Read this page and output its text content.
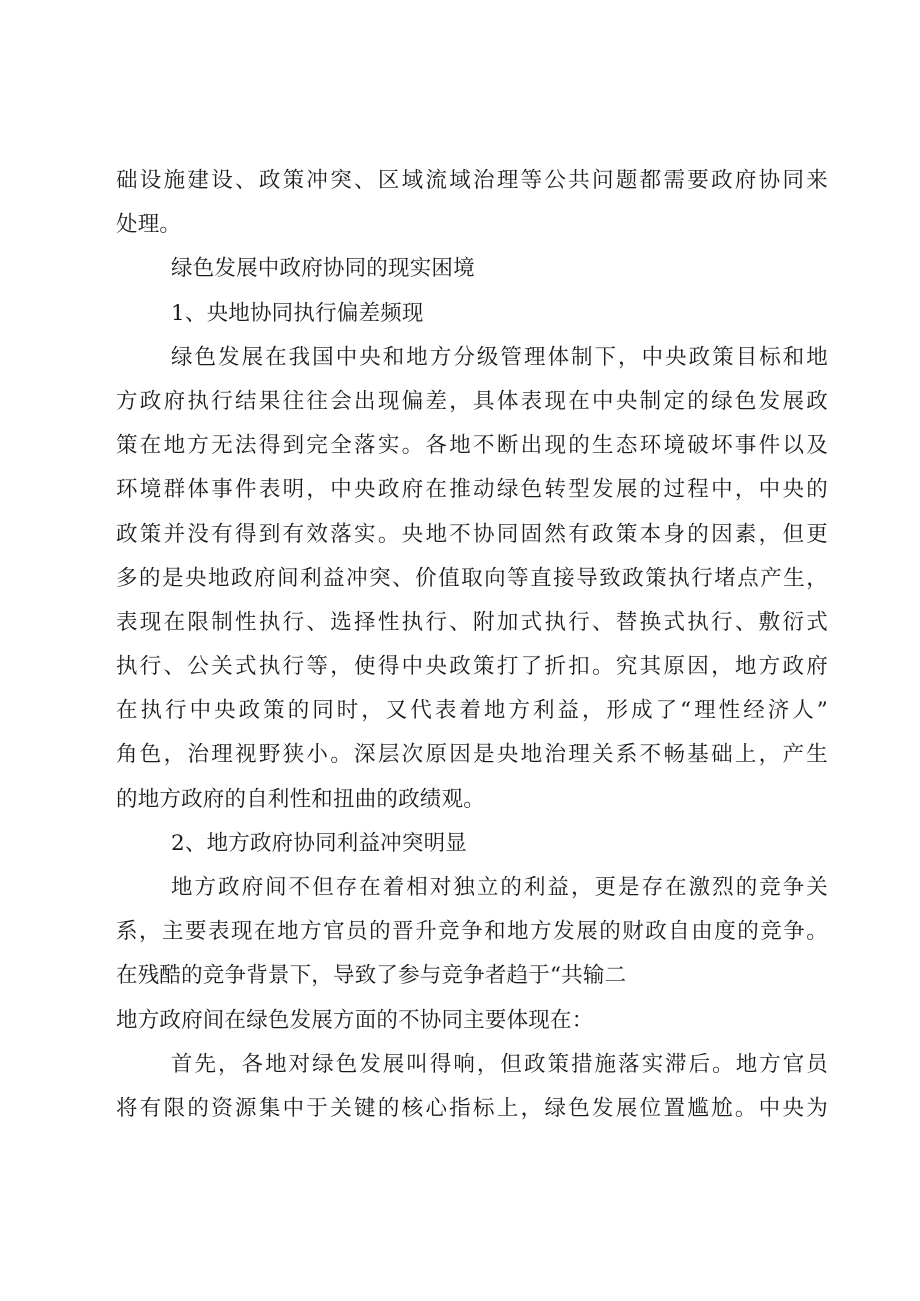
础设施建设、政策冲突、区域流域治理等公共问题都需要政府协同来
处理。
绿色发展中政府协同的现实困境
1、央地协同执行偏差频现
绿色发展在我国中央和地方分级管理体制下，中央政策目标和地
方政府执行结果往往会出现偏差，具体表现在中央制定的绿色发展政
策在地方无法得到完全落实。各地不断出现的生态环境破坏事件以及
环境群体事件表明，中央政府在推动绿色转型发展的过程中，中央的
政策并没有得到有效落实。央地不协同固然有政策本身的因素，但更
多的是央地政府间利益冲突、价值取向等直接导致政策执行堵点产生，
表现在限制性执行、选择性执行、附加式执行、替换式执行、敷衍式
执行、公关式执行等，使得中央政策打了折扣。究其原因，地方政府
在执行中央政策的同时，又代表着地方利益，形成了“理性经济人”
角色，治理视野狭小。深层次原因是央地治理关系不畅基础上，产生
的地方政府的自利性和扭曲的政绩观。
2、地方政府协同利益冲突明显
地方政府间不但存在着相对独立的利益，更是存在激烈的竞争关
系，主要表现在地方官员的晋升竞争和地方发展的财政自由度的竞争。
在残酷的竞争背景下，导致了参与竞争者趋于“共输二
地方政府间在绿色发展方面的不协同主要体现在：
首先，各地对绿色发展叫得响，但政策措施落实滞后。地方官员
将有限的资源集中于关键的核心指标上，绿色发展位置尴尬。中央为
